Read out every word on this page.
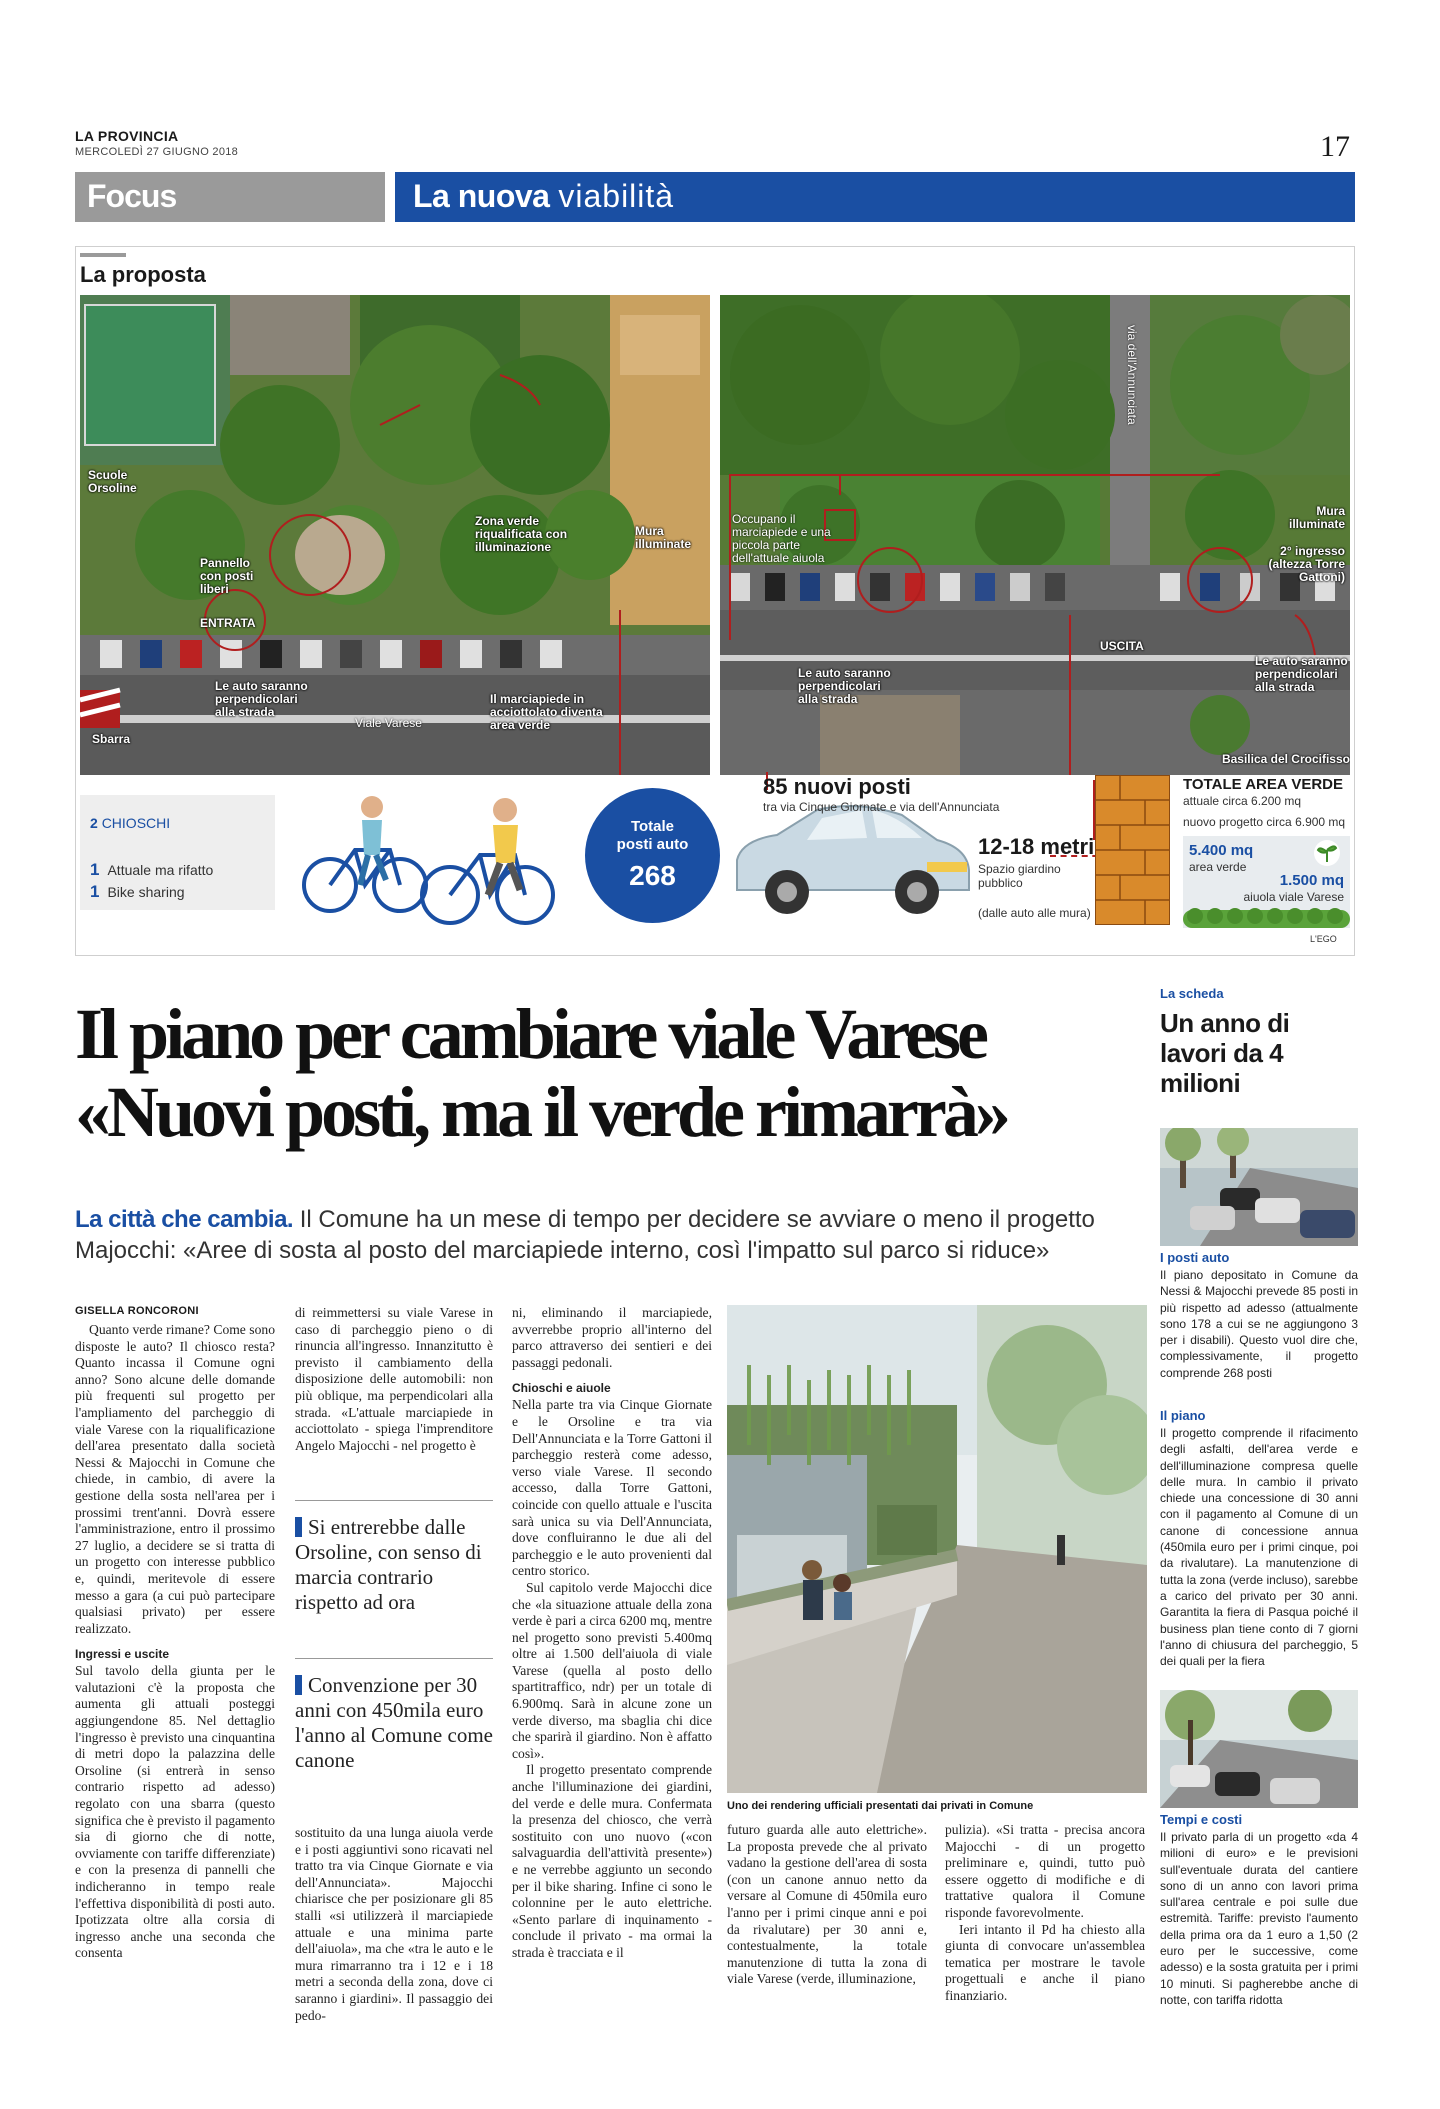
LA PROVINCIA
MERCOLEDÌ 27 GIUGNO 2018	17
Focus	La nuova viabilità
La proposta
Scuole Orsoline
Pannello con posti liberi
ENTRATA
Sbarra
Le auto saranno perpendicolari alla strada
Zona verde riqualificata con illuminazione
Mura illuminate
Il marciapiede in acciottolato diventa area verde
Viale Varese
via dell'Annunciata
Occupano il marciapiede e una piccola parte dell'attuale aiuola
Le auto saranno perpendicolari alla strada
USCITA
Mura illuminate
2° ingresso (altezza Torre Gattoni)
Le auto saranno perpendicolari alla strada
Basilica del Crocifisso
2 CHIOSCHI
1 Attuale ma rifatto
1 Bike sharing
Totale
posti auto
268
85 nuovi posti
tra via Cinque Giornate e via dell'Annunciata
12-18 metri
Spazio giardino pubblico
(dalle auto alle mura)
TOTALE AREA VERDE
attuale circa 6.200 mq
nuovo progetto circa 6.900 mq
5.400 mq
area verde
1.500 mq
aiuola viale Varese
L'EGO
Il piano per cambiare viale Varese
«Nuovi posti, ma il verde rimarrà»
La città che cambia. Il Comune ha un mese di tempo per decidere se avviare o meno il progetto Majocchi: «Aree di sosta al posto del marciapiede interno, così l'impatto sul parco si riduce»
GISELLA RONCORONI

Quanto verde rimane? Come sono disposte le auto? Il chiosco resta? Quanto incassa il Comune ogni anno? Sono alcune delle domande più frequenti sul progetto per l'ampliamento del parcheggio di viale Varese con la riqualificazione dell'area presentato dalla società Nessi & Majocchi in Comune che chiede, in cambio, di avere la gestione della sosta nell'area per i prossimi trent'anni. Dovrà essere l'amministrazione, entro il prossimo 27 luglio, a decidere se si tratta di un progetto con interesse pubblico e, quindi, meritevole di essere messo a gara (a cui può partecipare qualsiasi privato) per essere realizzato.

Ingressi e uscite

Sul tavolo della giunta per le valutazioni c'è la proposta che aumenta gli attuali posteggi aggiungendone 85. Nel dettaglio l'ingresso è previsto una cinquantina di metri dopo la palazzina delle Orsoline (si entrerà in senso contrario rispetto ad adesso) regolato con una sbarra (questo significa che è previsto il pagamento sia di giorno che di notte, ovviamente con tariffe differenziate) e con la presenza di pannelli che indicheranno in tempo reale l'effettiva disponibilità di posti auto. Ipotizzata oltre alla corsia di ingresso anche una seconda che consenta

di reimmettersi su viale Varese in caso di parcheggio pieno o di rinuncia all'ingresso. Innanzitutto è previsto il cambiamento della disposizione delle automobili: non più oblique, ma perpendicolari alla strada. «L'attuale marciapiede in acciottolato - spiega l'imprenditore Angelo Majocchi - nel progetto è

Si entrerebbe dalle Orsoline, con senso di marcia contrario rispetto ad ora
Convenzione per 30 anni con 450mila euro l'anno al Comune come canone

sostituito da una lunga aiuola verde e i posti aggiuntivi sono ricavati nel tratto tra via Cinque Giornate e via dell'Annunciata». Majocchi chiarisce che per posizionare gli 85 stalli «si utilizzerà il marciapiede attuale e una minima parte dell'aiuola», ma che «tra le auto e le mura rimarranno tra i 12 e i 18 metri a seconda della zona, dove ci saranno i giardini». Il passaggio dei pedo-

ni, eliminando il marciapiede, avverrebbe proprio all'interno del parco attraverso dei sentieri e dei passaggi pedonali.

Chioschi e aiuole

Nella parte tra via Cinque Giornate e le Orsoline e tra via Dell'Annunciata e la Torre Gattoni il parcheggio resterà come adesso, verso viale Varese. Il secondo accesso, dalla Torre Gattoni, coincide con quello attuale e l'uscita sarà unica su via Dell'Annunciata, dove confluiranno le due ali del parcheggio e le auto provenienti dal centro storico.

Sul capitolo verde Majocchi dice che «la situazione attuale della zona verde è pari a circa 6200 mq, mentre nel progetto sono previsti 5.400mq oltre ai 1.500 dell'aiuola di viale Varese (quella al posto dello spartitraffico, ndr) per un totale di 6.900mq. Sarà in alcune zone un verde diverso, ma sbaglia chi dice che sparirà il giardino. Non è affatto così».

Il progetto presentato comprende anche l'illuminazione dei giardini, del verde e delle mura. Confermata la presenza del chiosco, che verrà sostituito con uno nuovo («con salvaguardia dell'attività presente») e ne verrebbe aggiunto un secondo per il bike sharing. Infine ci sono le colonnine per le auto elettriche. «Sento parlare di inquinamento - conclude il privato - ma ormai la strada è tracciata e il

Uno dei rendering ufficiali presentati dai privati in Comune

futuro guarda alle auto elettriche». La proposta prevede che al privato vadano la gestione dell'area di sosta (con un canone annuo netto da versare al Comune di 450mila euro l'anno per i primi cinque anni e poi da rivalutare) per 30 anni e, contestualmente, la totale manutenzione di tutta la zona di viale Varese (verde, illuminazione,

pulizia). «Si tratta - precisa ancora Majocchi - di un progetto preliminare e, quindi, tutto può essere oggetto di modifiche e di trattative qualora il Comune risponde favorevolmente.

Ieri intanto il Pd ha chiesto alla giunta di convocare un'assemblea tematica per mostrare le tavole progettuali e anche il piano finanziario.

La scheda
Un anno di lavori da 4 milioni
I posti auto
Il piano depositato in Comune da Nessi & Majocchi prevede 85 posti in più rispetto ad adesso (attualmente sono 178 a cui se ne aggiungono 3 per i disabili). Questo vuol dire che, complessivamente, il progetto comprende 268 posti
Il piano
Il progetto comprende il rifacimento degli asfalti, dell'area verde e dell'illuminazione compresa quelle delle mura. In cambio il privato chiede una concessione di 30 anni con il pagamento al Comune di un canone di concessione annua (450mila euro per i primi cinque, poi da rivalutare). La manutenzione di tutta la zona (verde incluso), sarebbe a carico del privato per 30 anni. Garantita la fiera di Pasqua poiché il business plan tiene conto di 7 giorni l'anno di chiusura del parcheggio, 5 dei quali per la fiera
Tempi e costi
Il privato parla di un progetto «da 4 milioni di euro» e le previsioni sull'eventuale durata del cantiere sono di un anno con lavori prima sull'area centrale e poi sulle due estremità. Tariffe: previsto l'aumento della prima ora da 1 euro a 1,50 (2 euro per le successive, come adesso) e la sosta gratuita per i primi 10 minuti. Si pagherebbe anche di notte, con tariffa ridotta
